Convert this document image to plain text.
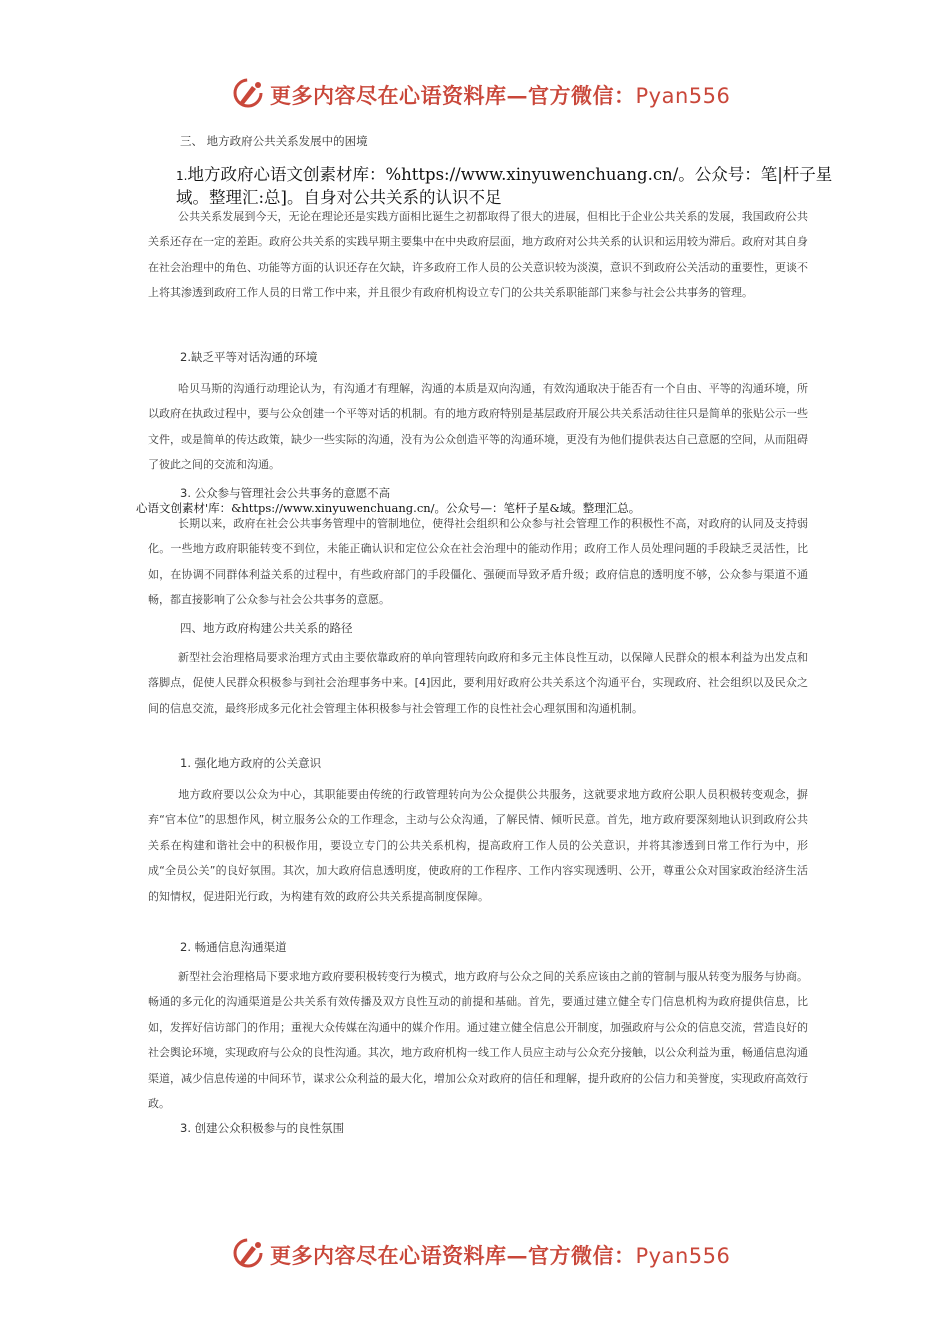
更多内容尽在心语资料库—官方微信：Pyan556
三、 地方政府公共关系发展中的困境

1.地方政府心语文创素材库：%https://www.xinyuwenchuang.cn/。公众号：笔|杆子星域。整理汇:总]。自身对公共关系的认识不足

公共关系发展到今天，无论在理论还是实践方面相比诞生之初都取得了很大的进展，但相比于企业公共关系的发展，我国政府公共关系还存在一定的差距。政府公共关系的实践早期主要集中在中央政府层面，地方政府对公共关系的认识和运用较为滞后。政府对其自身在社会治理中的角色、功能等方面的认识还存在欠缺，许多政府工作人员的公关意识较为淡漠，意识不到政府公关活动的重要性，更谈不上将其渗透到政府工作人员的日常工作中来，并且很少有政府机构设立专门的公共关系职能部门来参与社会公共事务的管理。

2.缺乏平等对话沟通的环境

哈贝马斯的沟通行动理论认为，有沟通才有理解，沟通的本质是双向沟通，有效沟通取决于能否有一个自由、平等的沟通环境，所以政府在执政过程中，要与公众创建一个平等对话的机制。有的地方政府特别是基层政府开展公共关系活动往往只是简单的张贴公示一些文件，或是简单的传达政策，缺少一些实际的沟通，没有为公众创造平等的沟通环境，更没有为他们提供表达自己意愿的空间，从而阻碍了彼此之间的交流和沟通。

3. 公众参与管理社会公共事务的意愿不高
心语文创素材'库：&https://www.xinyuwenchuang.cn/。公众号—：笔杆子星&域。整理汇总。

长期以来，政府在社会公共事务管理中的管制地位，使得社会组织和公众参与社会管理工作的积极性不高，对政府的认同及支持弱化。一些地方政府职能转变不到位，未能正确认识和定位公众在社会治理中的能动作用；政府工作人员处理问题的手段缺乏灵活性，比如，在协调不同群体利益关系的过程中，有些政府部门的手段僵化、强硬而导致矛盾升级；政府信息的透明度不够，公众参与渠道不通畅，都直接影响了公众参与社会公共事务的意愿。

四、地方政府构建公共关系的路径

新型社会治理格局要求治理方式由主要依靠政府的单向管理转向政府和多元主体良性互动，以保障人民群众的根本利益为出发点和落脚点，促使人民群众积极参与到社会治理事务中来。[4]因此，要利用好政府公共关系这个沟通平台，实现政府、社会组织以及民众之间的信息交流，最终形成多元化社会管理主体积极参与社会管理工作的良性社会心理氛围和沟通机制。

1. 强化地方政府的公关意识

地方政府要以公众为中心，其职能要由传统的行政管理转向为公众提供公共服务，这就要求地方政府公职人员积极转变观念，摒弃“官本位”的思想作风，树立服务公众的工作理念，主动与公众沟通，了解民情、倾听民意。首先，地方政府要深刻地认识到政府公共关系在构建和谐社会中的积极作用，要设立专门的公共关系机构，提高政府工作人员的公关意识，并将其渗透到日常工作行为中，形成“全员公关”的良好氛围。其次，加大政府信息透明度，使政府的工作程序、工作内容实现透明、公开，尊重公众对国家政治经济生活的知情权，促进阳光行政，为构建有效的政府公共关系提高制度保障。

2. 畅通信息沟通渠道

新型社会治理格局下要求地方政府要积极转变行为模式，地方政府与公众之间的关系应该由之前的管制与服从转变为服务与协商。畅通的多元化的沟通渠道是公共关系有效传播及双方良性互动的前提和基础。首先，要通过建立健全专门信息机构为政府提供信息，比如，发挥好信访部门的作用；重视大众传媒在沟通中的媒介作用。通过建立健全信息公开制度，加强政府与公众的信息交流，营造良好的社会舆论环境，实现政府与公众的良性沟通。其次，地方政府机构一线工作人员应主动与公众充分接触，以公众利益为重，畅通信息沟通渠道，减少信息传递的中间环节，谋求公众利益的最大化，增加公众对政府的信任和理解，提升政府的公信力和美誉度，实现政府高效行政。

3. 创建公众积极参与的良性氛围
更多内容尽在心语资料库—官方微信：Pyan556
